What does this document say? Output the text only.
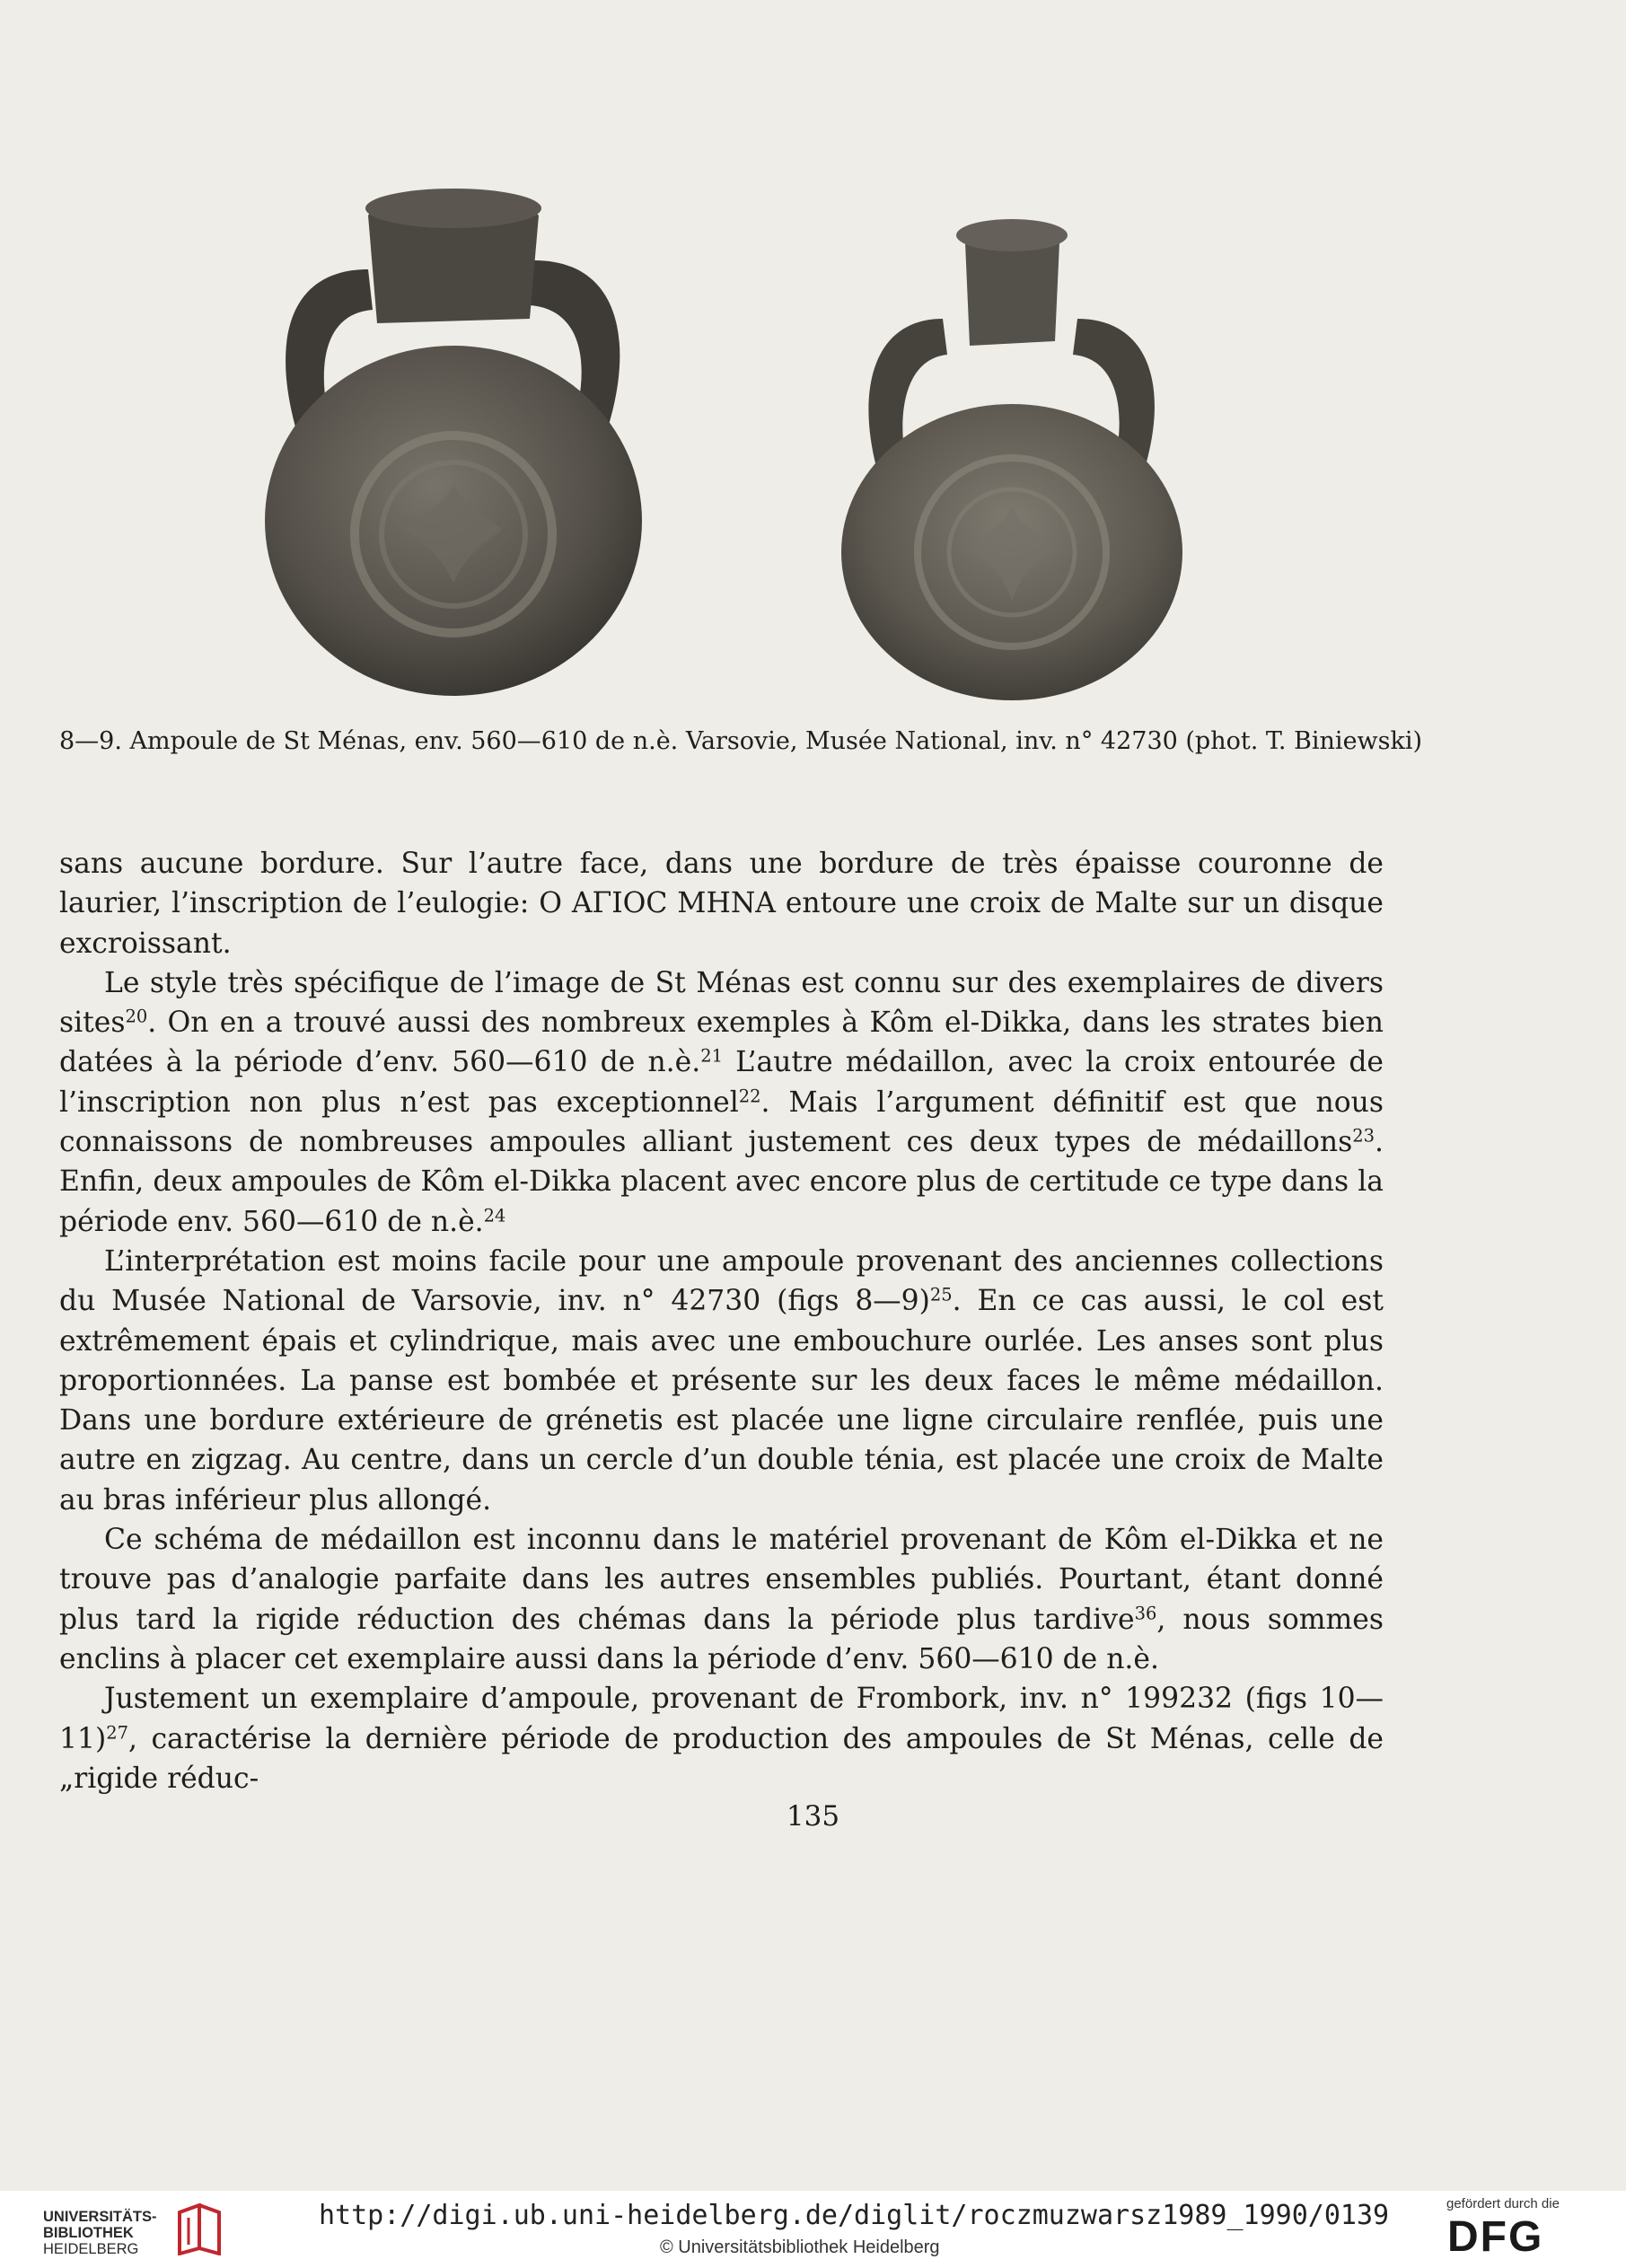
8—9. Ampoule de St Ménas, env. 560—610 de n.è. Varsovie, Musée National, inv. n° 42730 (phot. T. Biniewski)

sans aucune bordure. Sur l’autre face, dans une bordure de très épaisse couronne de laurier, l’inscription de l’eulogie: Ο ΑΓΙΟϹ ΜΗΝΑ entoure une croix de Malte sur un disque excroissant.

Le style très spécifique de l’image de St Ménas est connu sur des exemplaires de divers sites$^{20}$. On en a trouvé aussi des nombreux exemples à Kôm el-Dikka, dans les strates bien datées à la période d’env. 560—610 de n.è.$^{21}$ L’autre médaillon, avec la croix entourée de l’inscription non plus n’est pas exceptionnel$^{22}$. Mais l’argument définitif est que nous connaissons de nombreuses ampoules alliant justement ces deux types de médaillons$^{23}$. Enfin, deux ampoules de Kôm el-Dikka placent avec encore plus de certitude ce type dans la période env. 560—610 de n.è.$^{24}$

L’interprétation est moins facile pour une ampoule provenant des anciennes collections du Musée National de Varsovie, inv. n° 42730 (figs 8—9)$^{25}$. En ce cas aussi, le col est extrêmement épais et cylindrique, mais avec une embouchure ourlée. Les anses sont plus proportionnées. La panse est bombée et présente sur les deux faces le même médaillon. Dans une bordure extérieure de grénetis est placée une ligne circulaire renflée, puis une autre en zigzag. Au centre, dans un cercle d’un double ténia, est placée une croix de Malte au bras inférieur plus allongé.

Ce schéma de médaillon est inconnu dans le matériel provenant de Kôm el-Dikka et ne trouve pas d’analogie parfaite dans les autres ensembles publiés. Pourtant, étant donné plus tard la rigide réduction des chémas dans la période plus tardive$^{36}$, nous sommes enclins à placer cet exemplaire aussi dans la période d’env. 560—610 de n.è.

Justement un exemplaire d’ampoule, provenant de Frombork, inv. n° 199232 (figs 10—11)$^{27}$, caractérise la dernière période de production des ampoules de St Ménas, celle de „rigide réduc-

135
UNIVERSITÄTS-
BIBLIOTHEK
HEIDELBERG
http://digi.ub.uni-heidelberg.de/diglit/roczmuzwarsz1989_1990/0139
© Universitätsbibliothek Heidelberg
gefördert durch die
DFG
